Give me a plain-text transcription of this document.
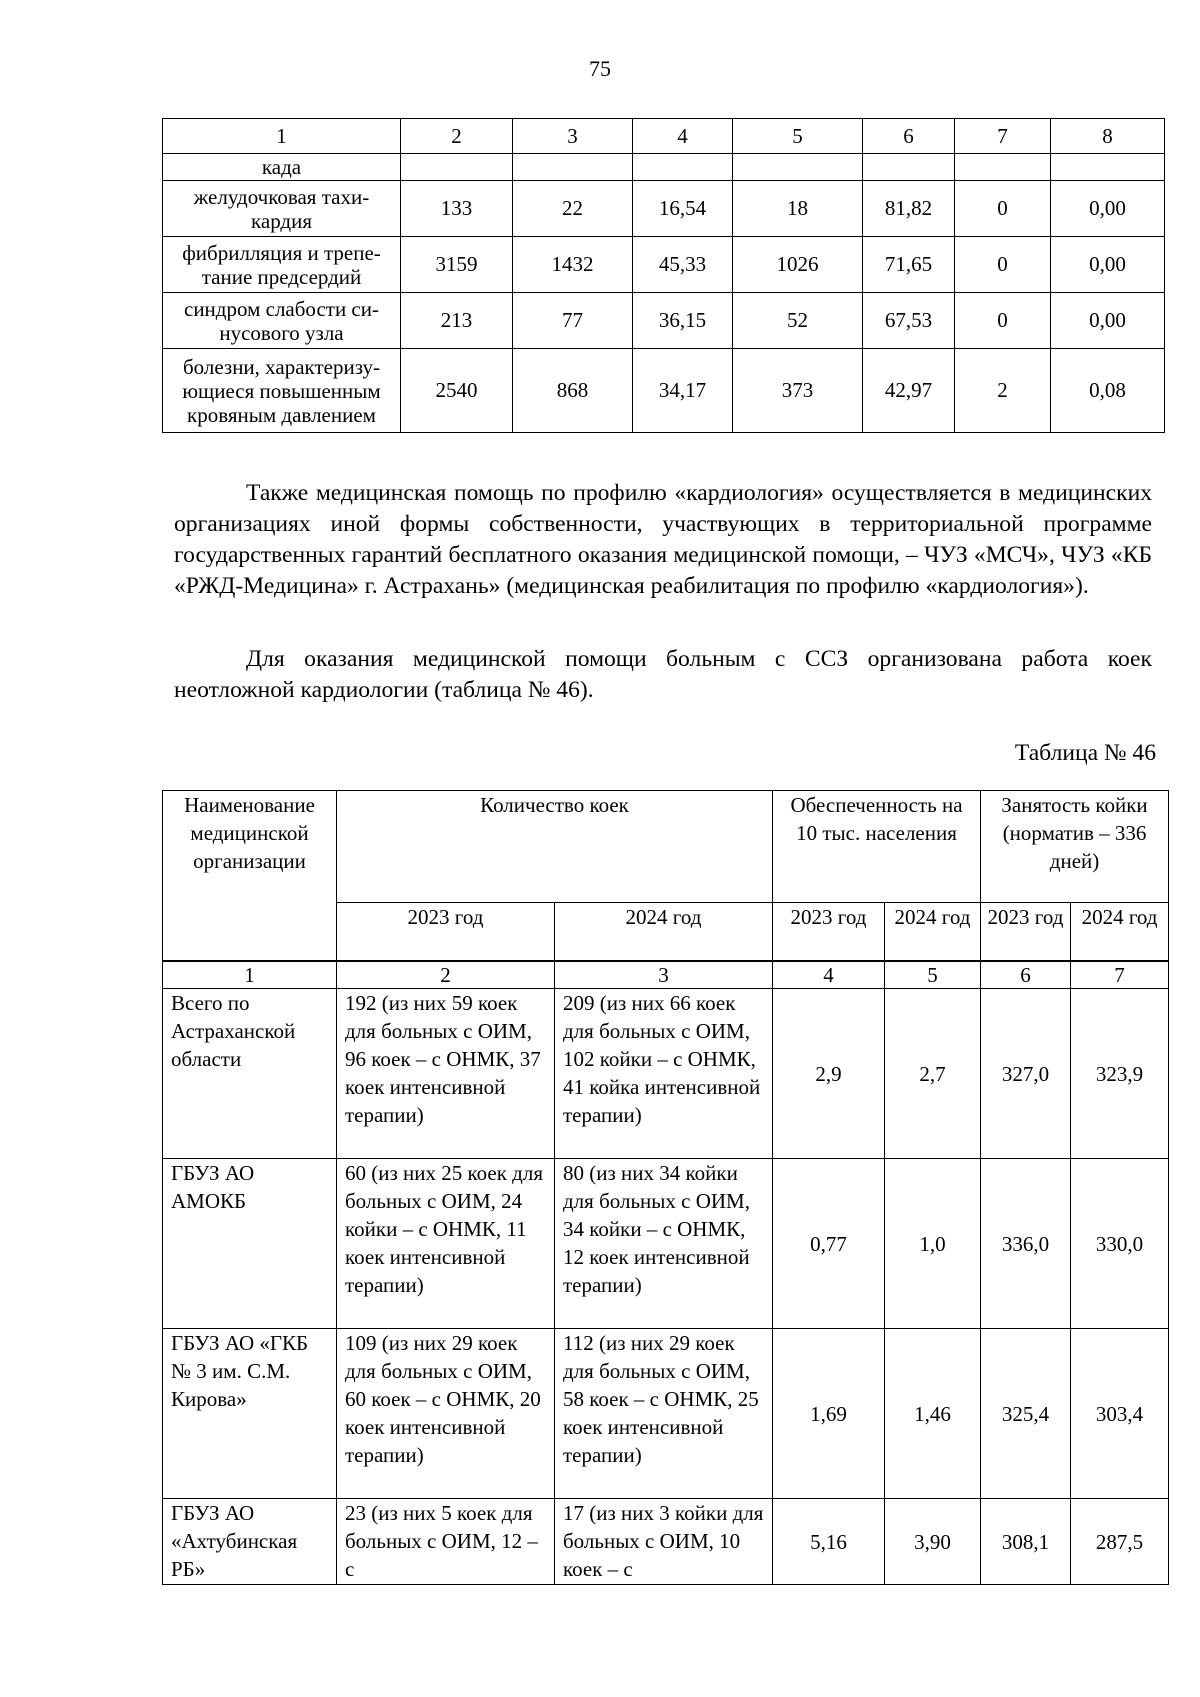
75
1	2	3	4	5	6	7	8
када							
желудочковая тахи-кардия	133	22	16,54	18	81,82	0	0,00
фибрилляция и трепе-тание предсердий	3159	1432	45,33	1026	71,65	0	0,00
синдром слабости си-нусового узла	213	77	36,15	52	67,53	0	0,00
болезни, характеризу-ющиеся повышенным кровяным давлением	2540	868	34,17	373	42,97	2	0,08

Также медицинская помощь по профилю «кардиология» осуществляется в медицинских организациях иной формы собственности, участвующих в территориальной программе государственных гарантий бесплатного оказания медицинской помощи, – ЧУЗ «МСЧ», ЧУЗ «КБ «РЖД-Медицина» г. Астрахань» (медицинская реабилитация по профилю «кардиология»).

Для оказания медицинской помощи больным с ССЗ организована работа коек неотложной кардиологии (таблица № 46).

Таблица № 46
Наименование медицинской организации	Количество коек		Обеспеченность на 10 тыс. населения		Занятость койки (норматив – 336 дней)	
	2023 год	2024 год	2023 год	2024 год	2023 год	2024 год
1	2	3	4	5	6	7
Всего по Астраханской области	192 (из них 59 коек для больных с ОИМ, 96 коек – с ОНМК, 37 коек интенсивной терапии)	209 (из них 66 коек для больных с ОИМ, 102 койки – с ОНМК, 41 койка интенсивной терапии)	2,9	2,7	327,0	323,9
ГБУЗ АО АМОКБ	60 (из них 25 коек для больных с ОИМ, 24 койки – с ОНМК, 11 коек интенсивной терапии)	80 (из них 34 койки для больных с ОИМ, 34 койки – с ОНМК, 12 коек интенсивной терапии)	0,77	1,0	336,0	330,0
ГБУЗ АО «ГКБ № 3 им. С.М. Кирова»	109 (из них 29 коек для больных с ОИМ, 60 коек – с ОНМК, 20 коек интенсивной терапии)	112 (из них 29 коек для больных с ОИМ, 58 коек – с ОНМК, 25 коек интенсивной терапии)	1,69	1,46	325,4	303,4
ГБУЗ АО «Ахтубинская РБ»	23 (из них 5 коек для больных с ОИМ, 12 – с	17 (из них 3 койки для больных с ОИМ, 10 коек – с	5,16	3,90	308,1	287,5
